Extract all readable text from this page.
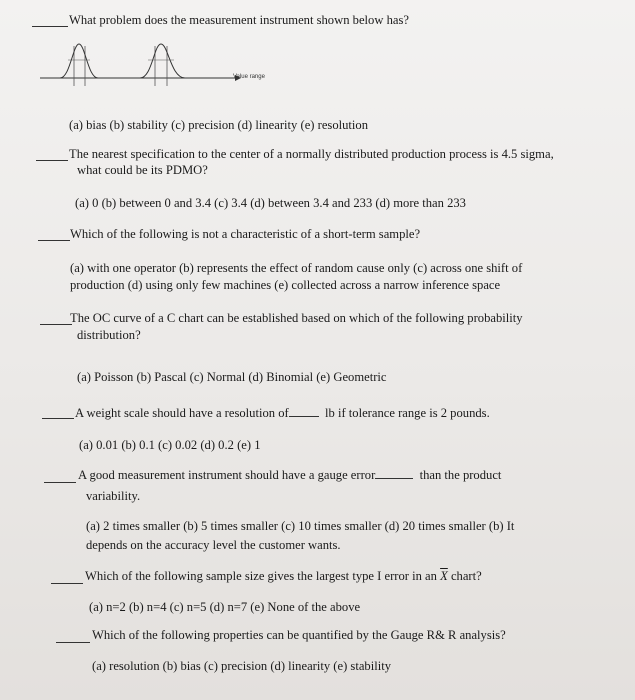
What problem does the measurement instrument shown below has?
Value range
(a) bias (b) stability (c) precision (d) linearity (e) resolution
The nearest specification to the center of a normally distributed production process is 4.5 sigma,
what could be its PDMO?
(a) 0 (b) between 0 and 3.4 (c) 3.4 (d) between 3.4 and 233 (d) more than 233
Which of the following is not a characteristic of a short-term sample?
(a) with one operator (b) represents the effect of random cause only (c) across one shift of
production (d) using only few machines (e) collected across a narrow inference space
The OC curve of a C chart can be established based on which of the following probability
distribution?
(a) Poisson (b) Pascal (c) Normal (d) Binomial (e) Geometric
A weight scale should have a resolution of	lb if tolerance range is 2 pounds.
(a) 0.01 (b) 0.1 (c) 0.02 (d) 0.2 (e) 1
A good measurement instrument should have a gauge error	than the product
variability.
(a) 2 times smaller (b) 5 times smaller (c) 10 times smaller (d) 20 times smaller (b) It
depends on the accuracy level the customer wants.
Which of the following sample size gives the largest type I error in an $\overline{X}$ chart?
(a) n=2 (b) n=4 (c) n=5 (d) n=7 (e) None of the above
Which of the following properties can be quantified by the Gauge R& R analysis?
(a) resolution (b) bias (c) precision (d) linearity (e) stability
